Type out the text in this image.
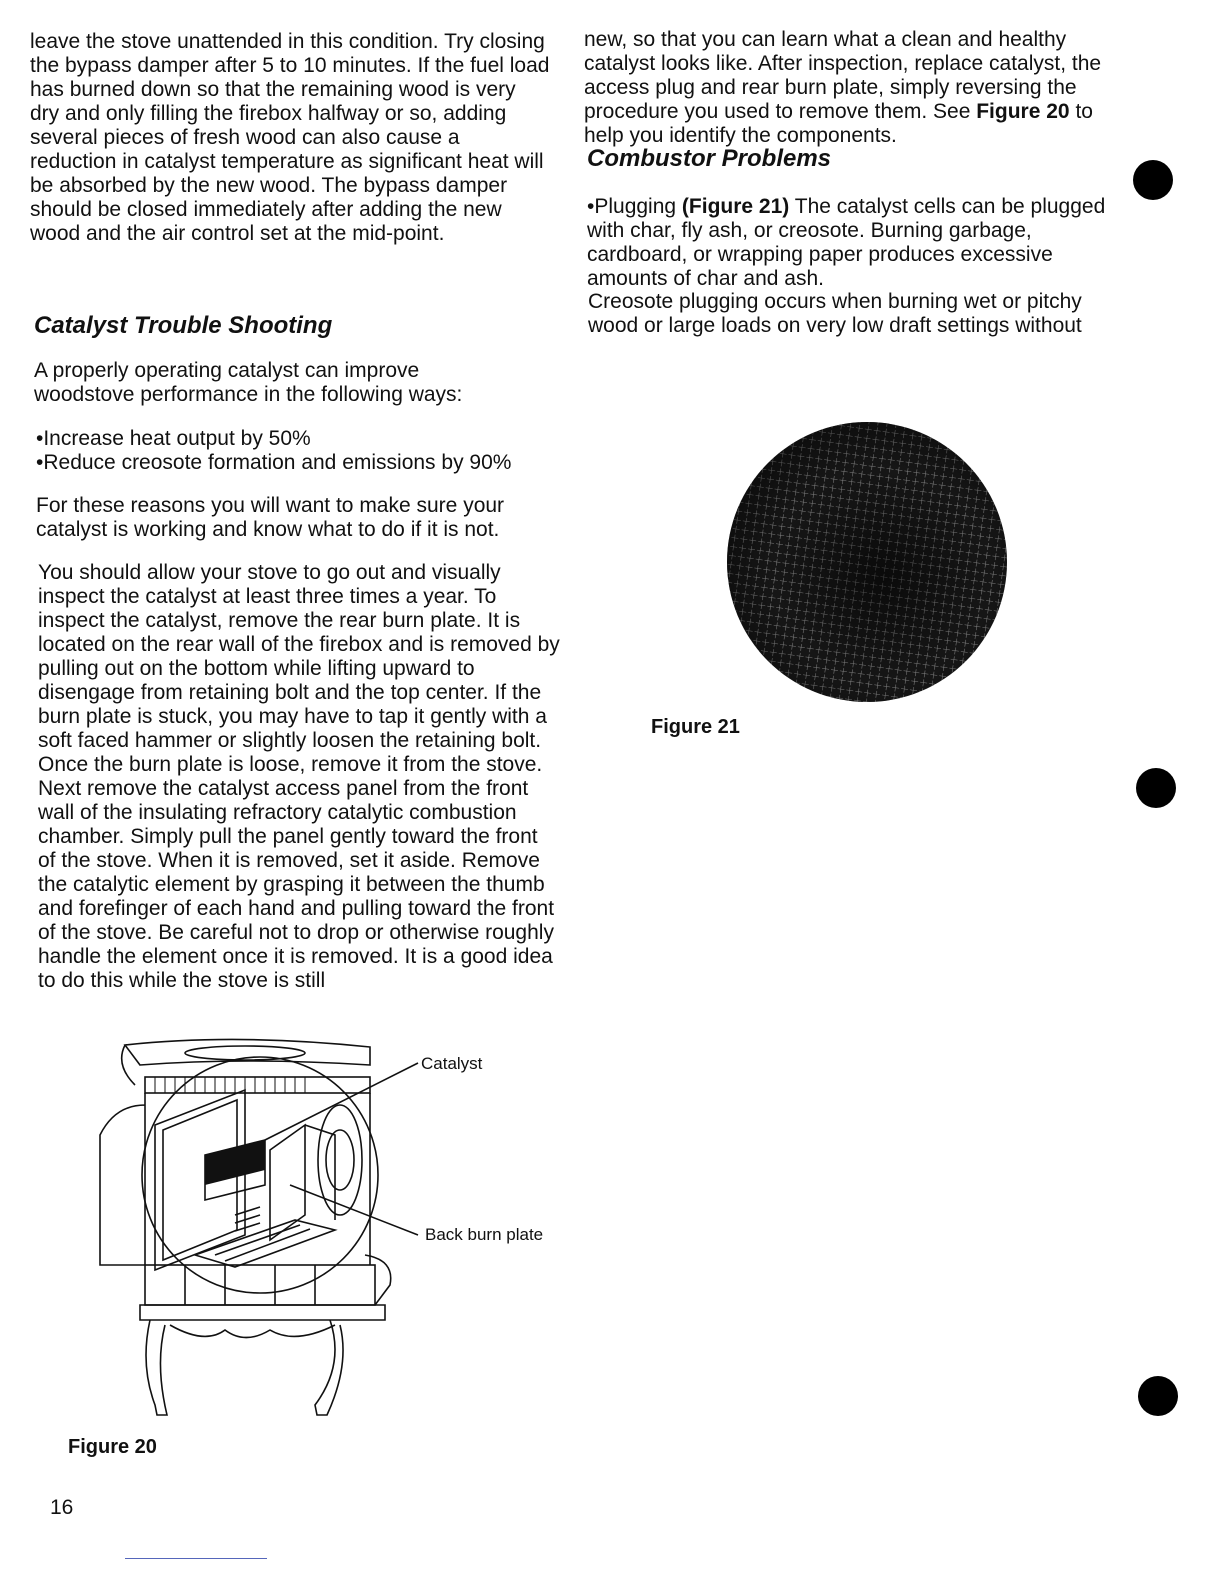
leave the stove unattended in this condition. Try closing the bypass damper after 5 to 10 minutes. If the fuel load has burned down so that the remaining wood is very dry and only filling the firebox halfway or so, adding several pieces of fresh wood can also cause a reduction in catalyst temperature as significant heat will be absorbed by the new wood. The bypass damper should be closed immediately after adding the new wood and the air control set at the mid-point.

Catalyst Trouble Shooting

A properly operating catalyst can improve woodstove performance in the following ways:

•Increase heat output by 50%
•Reduce creosote formation and emissions by 90%

For these reasons you will want to make sure your catalyst is working and know what to do if it is not.

You should allow your stove to go out and visually inspect the catalyst at least three times a year. To inspect the catalyst, remove the rear burn plate. It is located on the rear wall of the firebox and is removed by pulling out on the bottom while lifting upward to disengage from retaining bolt and the top center. If the burn plate is stuck, you may have to tap it gently with a soft faced hammer or slightly loosen the retaining bolt. Once the burn plate is loose, remove it from the stove. Next remove the catalyst access panel from the front wall of the insulating refractory catalytic combustion chamber. Simply pull the panel gently toward the front of the stove. When it is removed, set it aside. Remove the catalytic element by grasping it between the thumb and forefinger of each hand and pulling toward the front of the stove. Be careful not to drop or otherwise roughly handle the element once it is removed. It is a good idea to do this while the stove is still

Catalyst
Back burn plate

Figure 20

16

new, so that you can learn what a clean and healthy catalyst looks like. After inspection, replace catalyst, the access plug and rear burn plate, simply reversing the procedure you used to remove them. See Figure 20 to help you identify the components.

Combustor Problems

•Plugging (Figure 21) The catalyst cells can be plugged with char, fly ash, or creosote. Burning garbage, cardboard, or wrapping paper produces excessive amounts of char and ash.

Creosote plugging occurs when burning wet or pitchy wood or large loads on very low draft settings without

Figure 21
